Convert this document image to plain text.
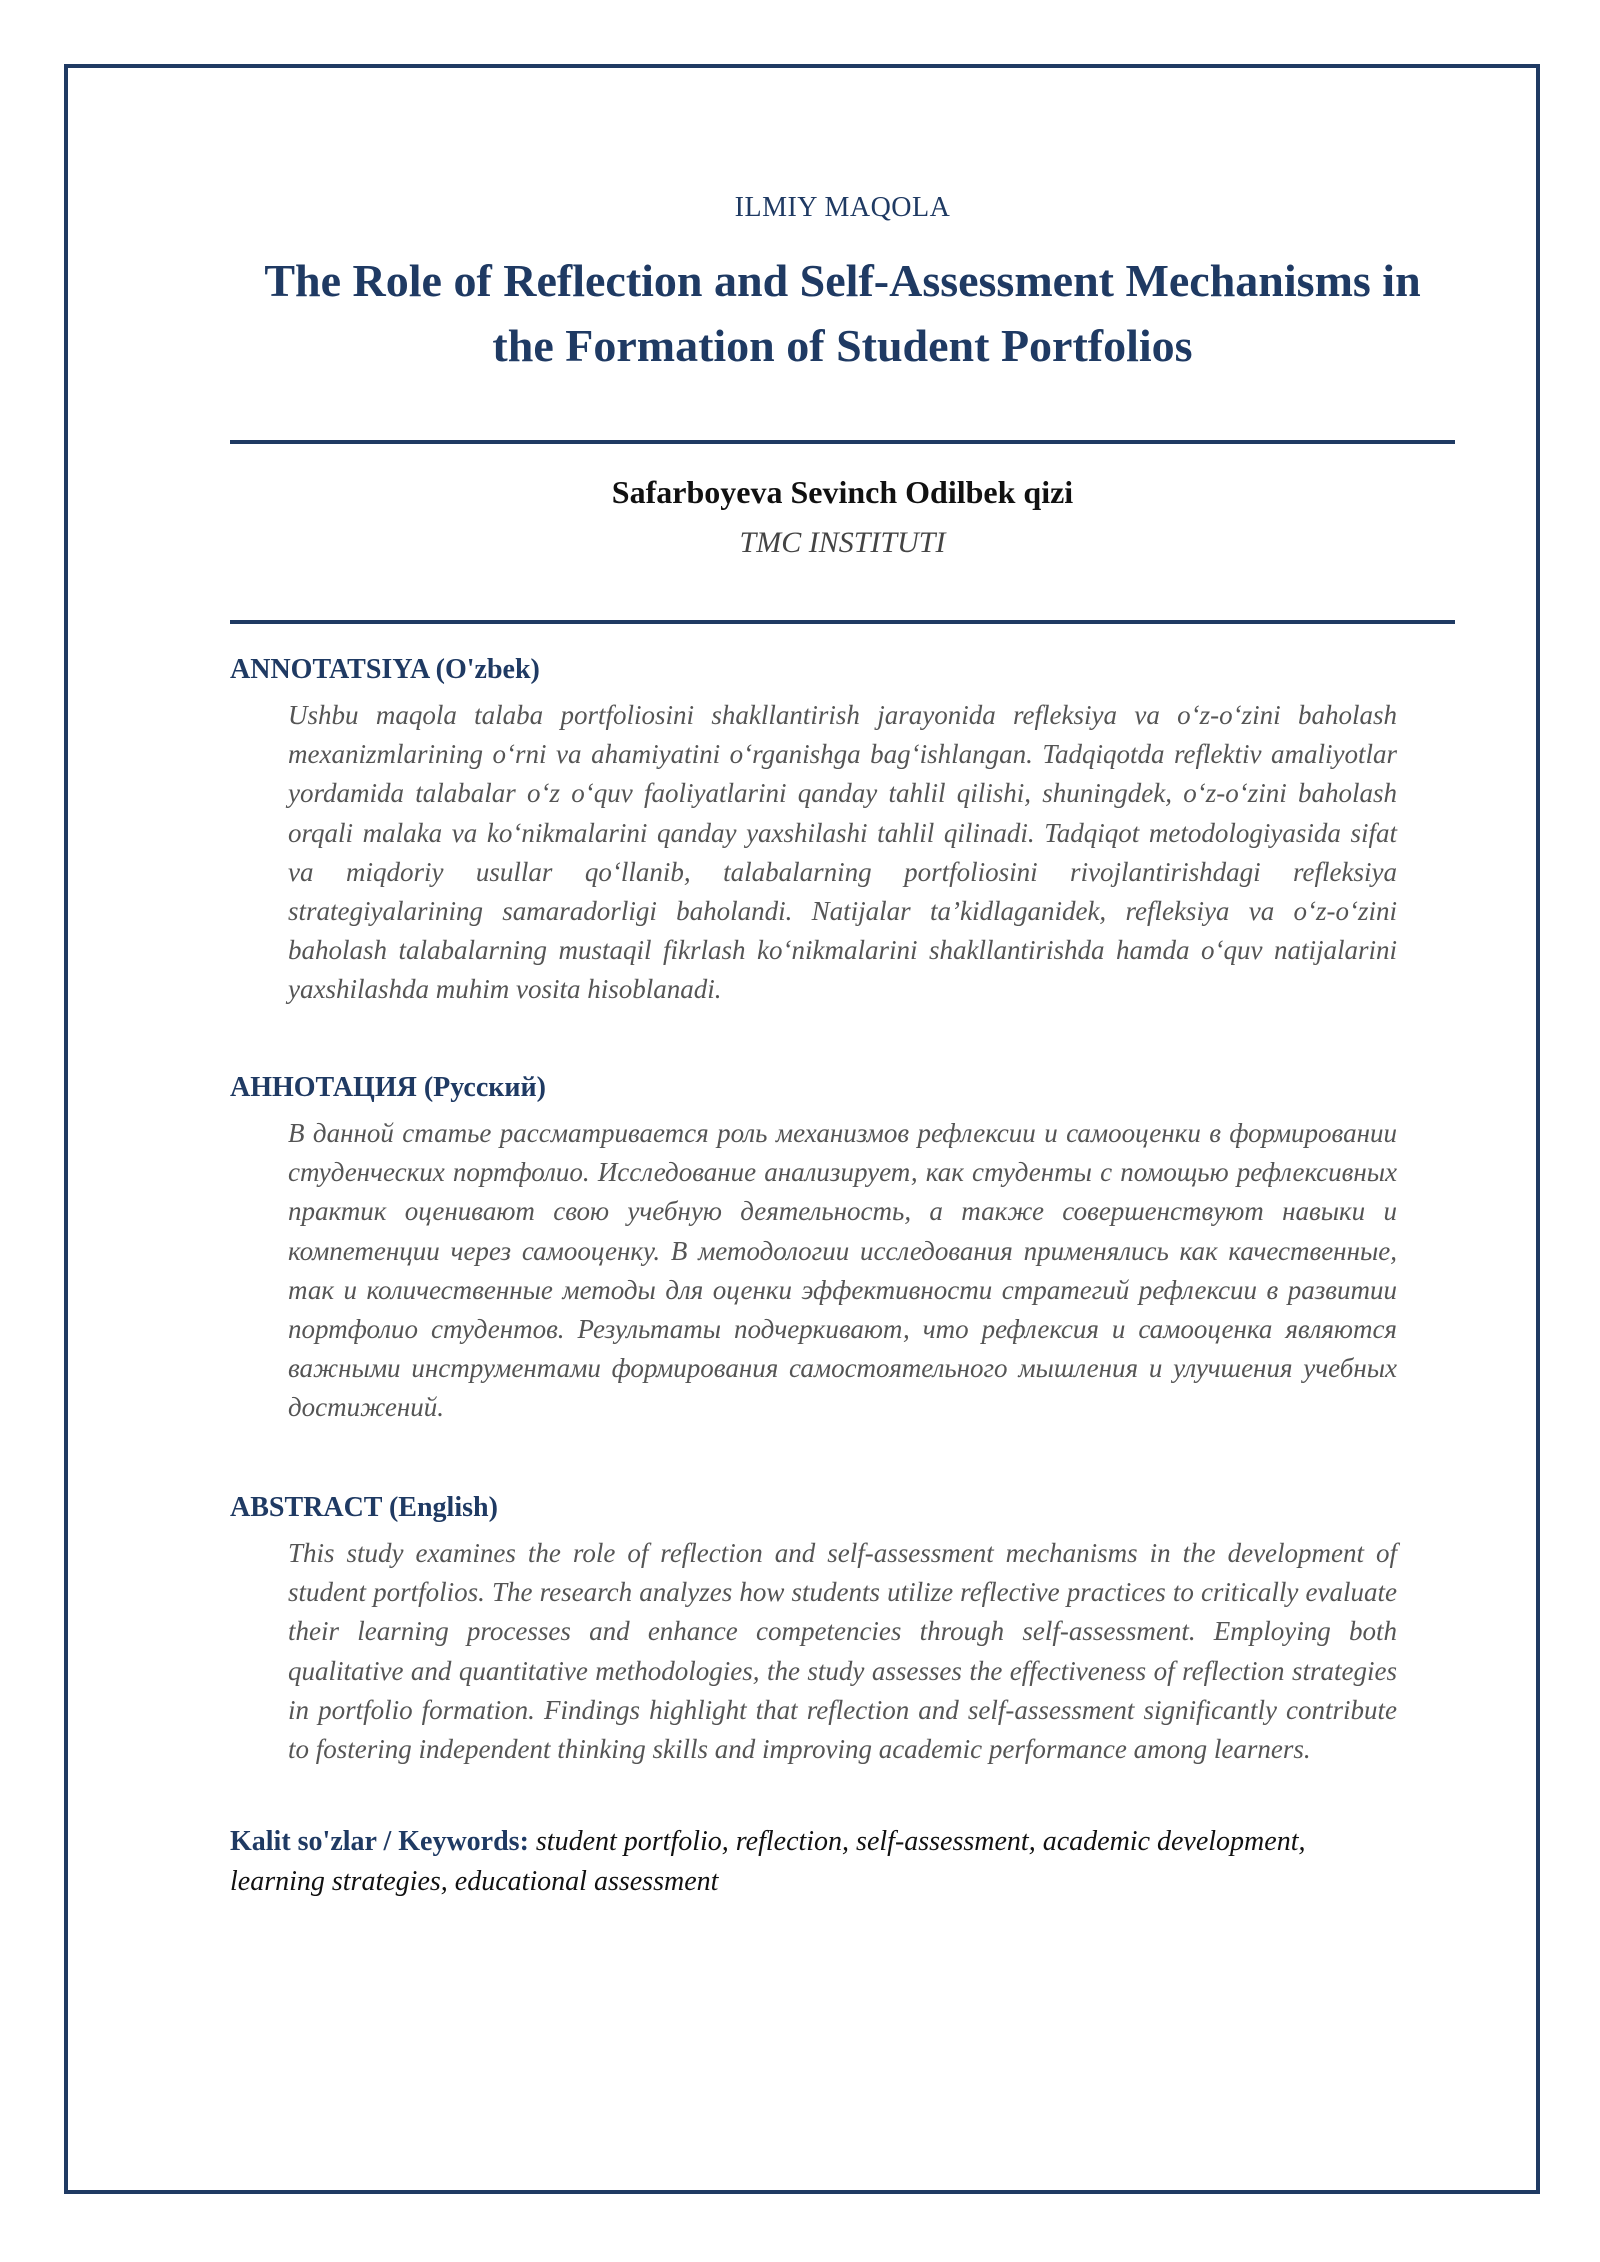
ILMIY MAQOLA
The Role of Reflection and Self-Assessment Mechanisms in the Formation of Student Portfolios
Safarboyeva Sevinch Odilbek qizi
TMC INSTITUTI
ANNOTATSIYA (O'zbek)

Ushbu maqola talaba portfoliosini shakllantirish jarayonida refleksiya va o‘z-o‘zini baholash mexanizmlarining o‘rni va ahamiyatini o‘rganishga bag‘ishlangan. Tadqiqotda reflektiv amaliyotlar yordamida talabalar o‘z o‘quv faoliyatlarini qanday tahlil qilishi, shuningdek, o‘z-o‘zini baholash orqali malaka va ko‘nikmalarini qanday yaxshilashi tahlil qilinadi. Tadqiqot metodologiyasida sifat va miqdoriy usullar qo‘llanib, talabalarning portfoliosini rivojlantirishdagi refleksiya strategiyalarining samaradorligi baholandi. Natijalar ta’kidlaganidek, refleksiya va o‘z-o‘zini baholash talabalarning mustaqil fikrlash ko‘nikmalarini shakllantirishda hamda o‘quv natijalarini yaxshilashda muhim vosita hisoblanadi.

АННОТАЦИЯ (Русский)

В данной статье рассматривается роль механизмов рефлексии и самооценки в формировании студенческих портфолио. Исследование анализирует, как студенты с помощью рефлексивных практик оценивают свою учебную деятельность, а также совершенствуют навыки и компетенции через самооценку. В методологии исследования применялись как качественные, так и количественные методы для оценки эффективности стратегий рефлексии в развитии портфолио студентов. Результаты подчеркивают, что рефлексия и самооценка являются важными инструментами формирования самостоятельного мышления и улучшения учебных достижений.

ABSTRACT (English)

This study examines the role of reflection and self-assessment mechanisms in the development of student portfolios. The research analyzes how students utilize reflective practices to critically evaluate their learning processes and enhance competencies through self-assessment. Employing both qualitative and quantitative methodologies, the study assesses the effectiveness of reflection strategies in portfolio formation. Findings highlight that reflection and self-assessment significantly contribute to fostering independent thinking skills and improving academic performance among learners.

Kalit so'zlar / Keywords: student portfolio, reflection, self-assessment, academic development, learning strategies, educational assessment
